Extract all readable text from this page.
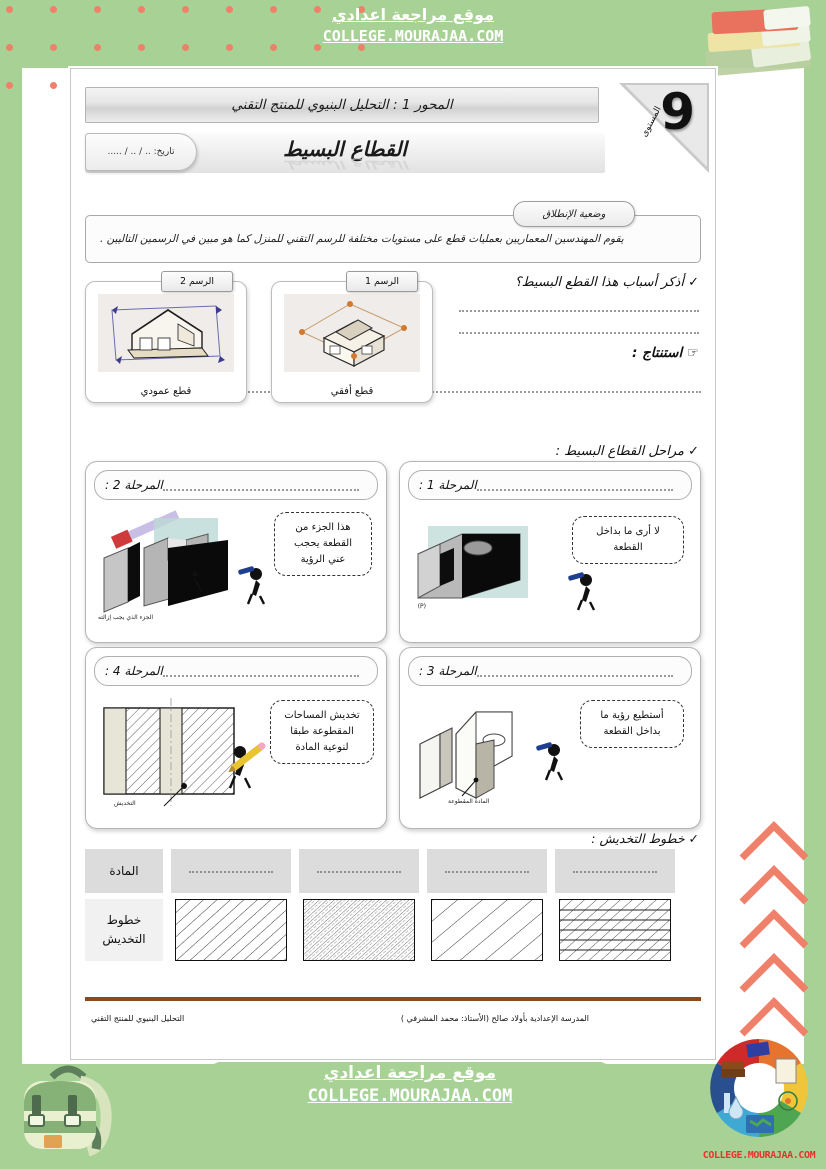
COLLEGE.MOURAJAA.COM
موقع مراجعة اعدادي
COLLEGE.MOURAJAA.COM
موقع مراجعة اعدادي
COLLEGE.MOURAJAA.COM
9
المستوى
المحور 1 : التحليل البنيوي للمنتج التقني
القطاع البسيط
القطاع البسيط
تاريخ: .. / .. / .....
وضعية الإنطلاق
يقوم المهندسين المعماريين بعمليات قطع على مستويات مختلفة للرسم التقني للمنزل كما هو مبين في الرسمين التاليين .
✓ أذكر أسباب هذا القطع البسيط؟
☞ استنتاج :
الرسم 1
قطع أفقي
الرسم 2
قطع عمودي
✓ مراحل القطاع البسيط :
المرحلة 1 :
(P)
لا أرى ما بداخل القطعة
المرحلة 2 :
الجزء الذي يجب إزالته
هذا الجزء من القطعة يحجب عني الرؤية
المرحلة 3 :
المادة المقطوعة
أستطيع رؤية ما بداخل القطعة
المرحلة 4 :
التخديش
تخديش المساحات المقطوعة طبقا لنوعية المادة
✓ خطوط التخديش :
المادة
خطوط التخديش
المدرسة الإعدادية بأولاد صالح (الأستاذ: محمد المشرفي )
التحليل البنيوي للمنتج التقني
